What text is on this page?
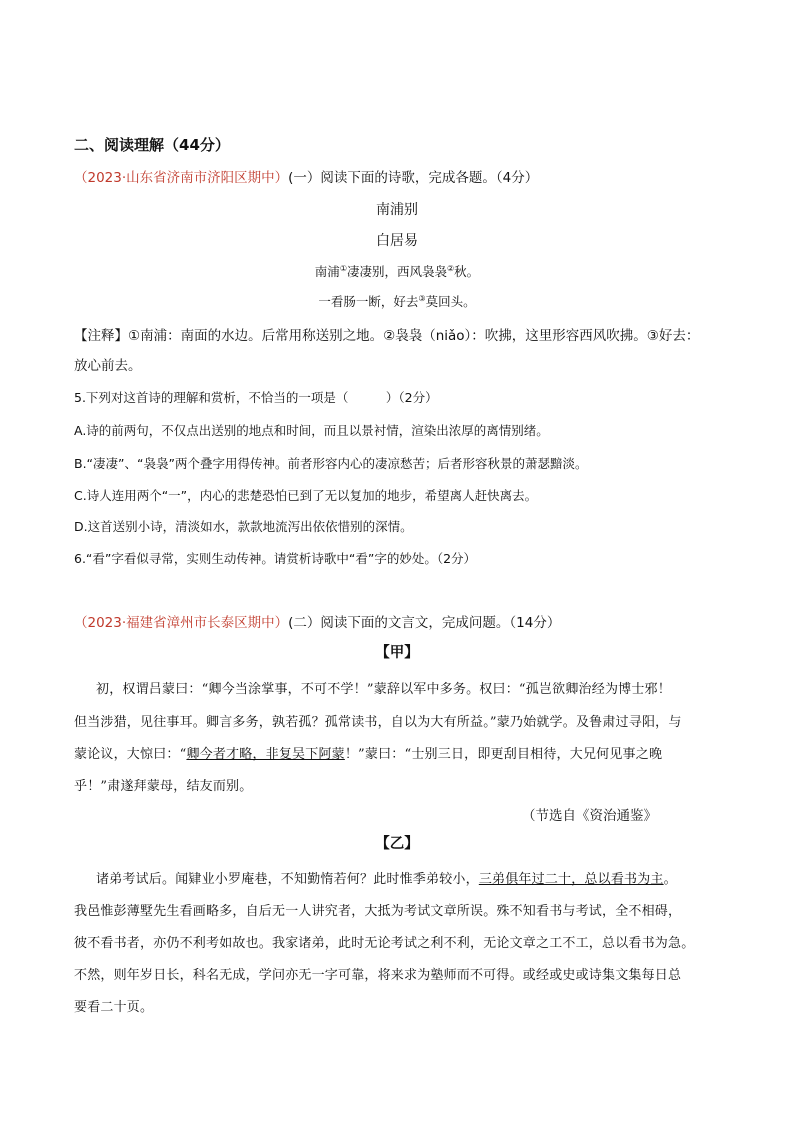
二、阅读理解（44分）
（2023·山东省济南市济阳区期中）(一）阅读下面的诗歌，完成各题。（4分）
南浦别
白居易
南浦①凄凄别，西风袅袅②秋。
一看肠一断，好去③莫回头。
【注释】①南浦：南面的水边。后常用称送别之地。②袅袅（niǎo）：吹拂，这里形容西风吹拂。③好去：
放心前去。
5.下列对这首诗的理解和赏析，不恰当的一项是（　　　）（2分）
A.诗的前两句，不仅点出送别的地点和时间，而且以景衬情，渲染出浓厚的离情别绪。
B.“凄凄”、“袅袅”两个叠字用得传神。前者形容内心的凄凉愁苦；后者形容秋景的萧瑟黯淡。
C.诗人连用两个“一”，内心的悲楚恐怕已到了无以复加的地步，希望离人赶快离去。
D.这首送别小诗，清淡如水，款款地流泻出依依惜别的深情。
6.“看”字看似寻常，实则生动传神。请赏析诗歌中“看”字的妙处。（2分）
（2023·福建省漳州市长泰区期中）(二）阅读下面的文言文，完成问题。（14分）
【甲】
初，权谓吕蒙曰：“卿今当涂掌事，不可不学！”蒙辞以军中多务。权曰：“孤岂欲卿治经为博士邪！
但当涉猎，见往事耳。卿言多务，孰若孤？孤常读书，自以为大有所益。”蒙乃始就学。及鲁肃过寻阳，与
蒙论议，大惊曰：“卿今者才略，非复吴下阿蒙！”蒙曰：“士别三日，即更刮目相待，大兄何见事之晚
乎！”肃遂拜蒙母，结友而别。
（节选自《资治通鉴》
【乙】
诸弟考试后。闻肄业小罗庵巷，不知勤惰若何？此时惟季弟较小，三弟俱年过二十，总以看书为主。
我邑惟彭薄墅先生看画略多，自后无一人讲究者，大抵为考试文章所误。殊不知看书与考试，全不相碍，
彼不看书者，亦仍不利考如故也。我家诸弟，此时无论考试之利不利，无论文章之工不工，总以看书为急。
不然，则年岁日长，科名无成，学问亦无一字可靠，将来求为塾师而不可得。或经或史或诗集文集每日总
要看二十页。
